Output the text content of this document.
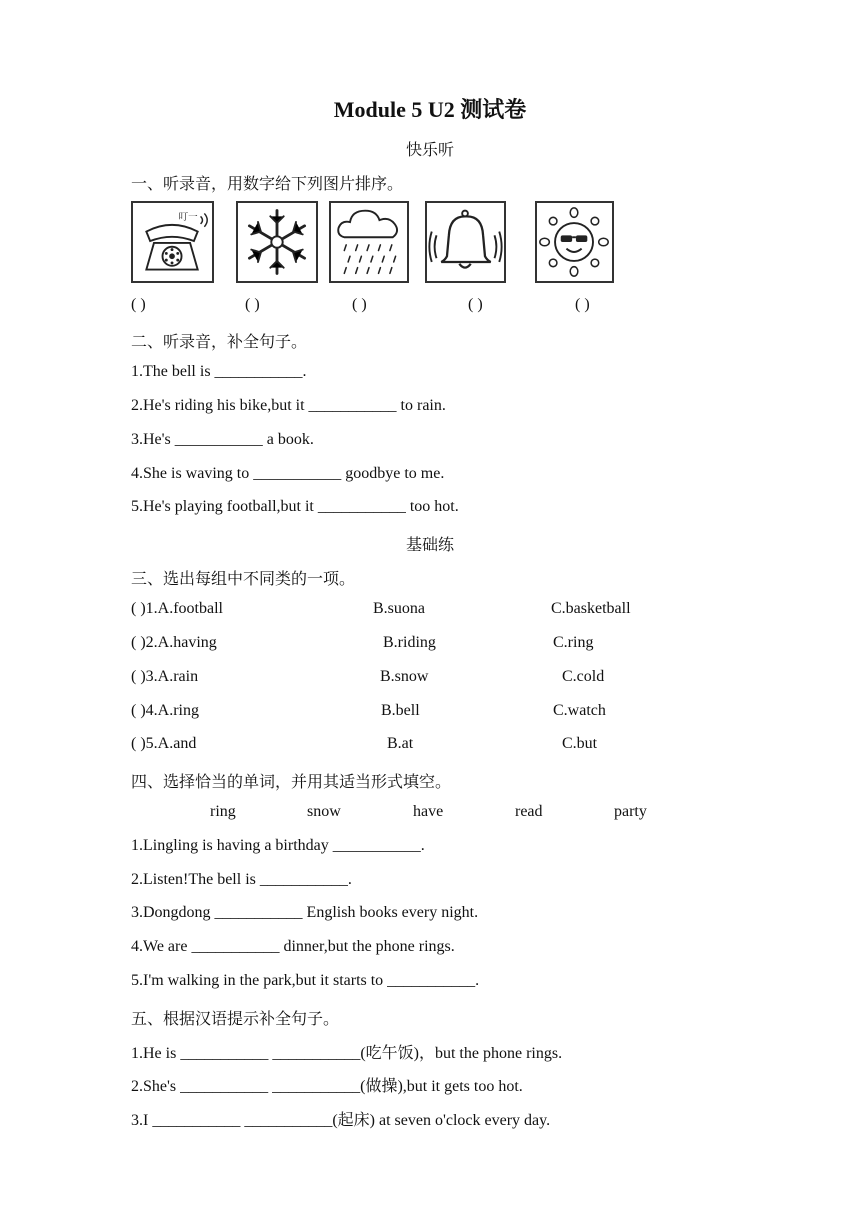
Module 5 U2 测试卷
快乐听
一、听录音，用数字给下列图片排序。
叮一
( )	( )	( )	( )	( )
二、听录音，补全句子。
1.The bell is ___________.
2.He's riding his bike,but it ___________ to rain.
3.He's ___________ a book.
4.She is waving to ___________ goodbye to me.
5.He's playing football,but it ___________ too hot.
基础练
三、选出每组中不同类的一项。
( )1.A.football	B.suona	C.basketball
( )2.A.having	B.riding	C.ring
( )3.A.rain	B.snow	C.cold
( )4.A.ring	B.bell	C.watch
( )5.A.and	B.at	C.but
四、选择恰当的单词，并用其适当形式填空。
ring	snow	have	read	party
1.Lingling is having a birthday ___________.
2.Listen!The bell is ___________.
3.Dongdong ___________ English books every night.
4.We are ___________ dinner,but the phone rings.
5.I'm walking in the park,but it starts to ___________.
五、根据汉语提示补全句子。
1.He is ___________ ___________(吃午饭)，but the phone rings.
2.She's ___________ ___________(做操),but it gets too hot.
3.I ___________ ___________(起床) at seven o'clock every day.
